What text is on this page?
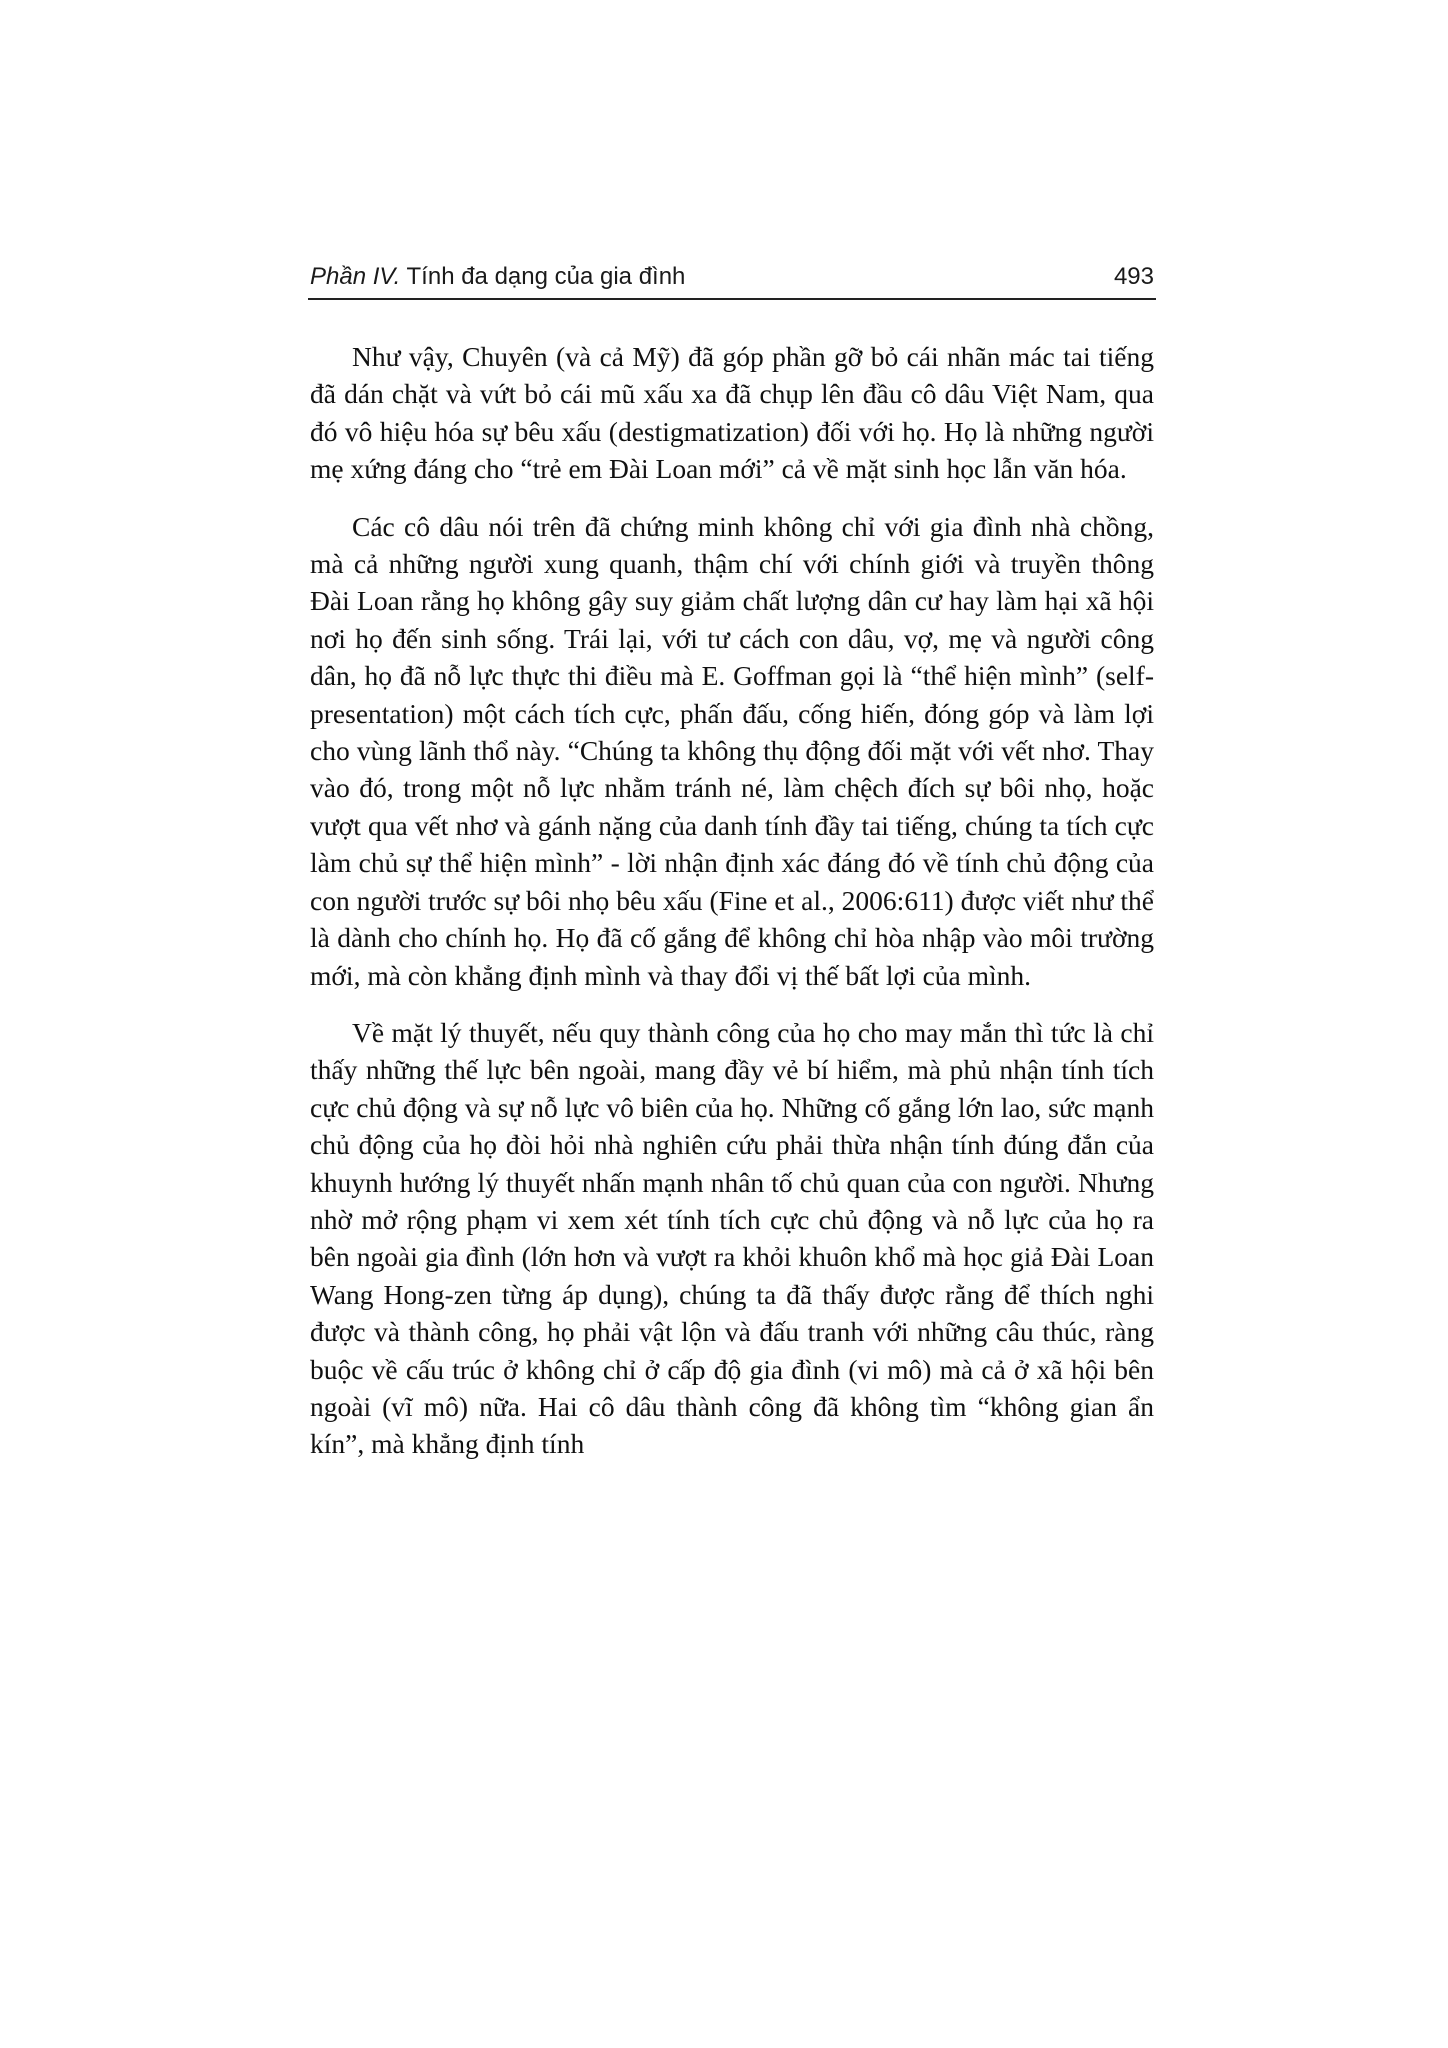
Phần IV. Tính đa dạng của gia đình	493

Như vậy, Chuyên (và cả Mỹ) đã góp phần gỡ bỏ cái nhãn mác tai tiếng đã dán chặt và vứt bỏ cái mũ xấu xa đã chụp lên đầu cô dâu Việt Nam, qua đó vô hiệu hóa sự bêu xấu (destigmatization) đối với họ. Họ là những người mẹ xứng đáng cho “trẻ em Đài Loan mới” cả về mặt sinh học lẫn văn hóa.

Các cô dâu nói trên đã chứng minh không chỉ với gia đình nhà chồng, mà cả những người xung quanh, thậm chí với chính giới và truyền thông Đài Loan rằng họ không gây suy giảm chất lượng dân cư hay làm hại xã hội nơi họ đến sinh sống. Trái lại, với tư cách con dâu, vợ, mẹ và người công dân, họ đã nỗ lực thực thi điều mà E. Goffman gọi là “thể hiện mình” (self-presentation) một cách tích cực, phấn đấu, cống hiến, đóng góp và làm lợi cho vùng lãnh thổ này. “Chúng ta không thụ động đối mặt với vết nhơ. Thay vào đó, trong một nỗ lực nhằm tránh né, làm chệch đích sự bôi nhọ, hoặc vượt qua vết nhơ và gánh nặng của danh tính đầy tai tiếng, chúng ta tích cực làm chủ sự thể hiện mình” - lời nhận định xác đáng đó về tính chủ động của con người trước sự bôi nhọ bêu xấu (Fine et al., 2006:611) được viết như thể là dành cho chính họ. Họ đã cố gắng để không chỉ hòa nhập vào môi trường mới, mà còn khẳng định mình và thay đổi vị thế bất lợi của mình.

Về mặt lý thuyết, nếu quy thành công của họ cho may mắn thì tức là chỉ thấy những thế lực bên ngoài, mang đầy vẻ bí hiểm, mà phủ nhận tính tích cực chủ động và sự nỗ lực vô biên của họ. Những cố gắng lớn lao, sức mạnh chủ động của họ đòi hỏi nhà nghiên cứu phải thừa nhận tính đúng đắn của khuynh hướng lý thuyết nhấn mạnh nhân tố chủ quan của con người. Nhưng nhờ mở rộng phạm vi xem xét tính tích cực chủ động và nỗ lực của họ ra bên ngoài gia đình (lớn hơn và vượt ra khỏi khuôn khổ mà học giả Đài Loan Wang Hong-zen từng áp dụng), chúng ta đã thấy được rằng để thích nghi được và thành công, họ phải vật lộn và đấu tranh với những câu thúc, ràng buộc về cấu trúc ở không chỉ ở cấp độ gia đình (vi mô) mà cả ở xã hội bên ngoài (vĩ mô) nữa. Hai cô dâu thành công đã không tìm “không gian ẩn kín”, mà khẳng định tính
